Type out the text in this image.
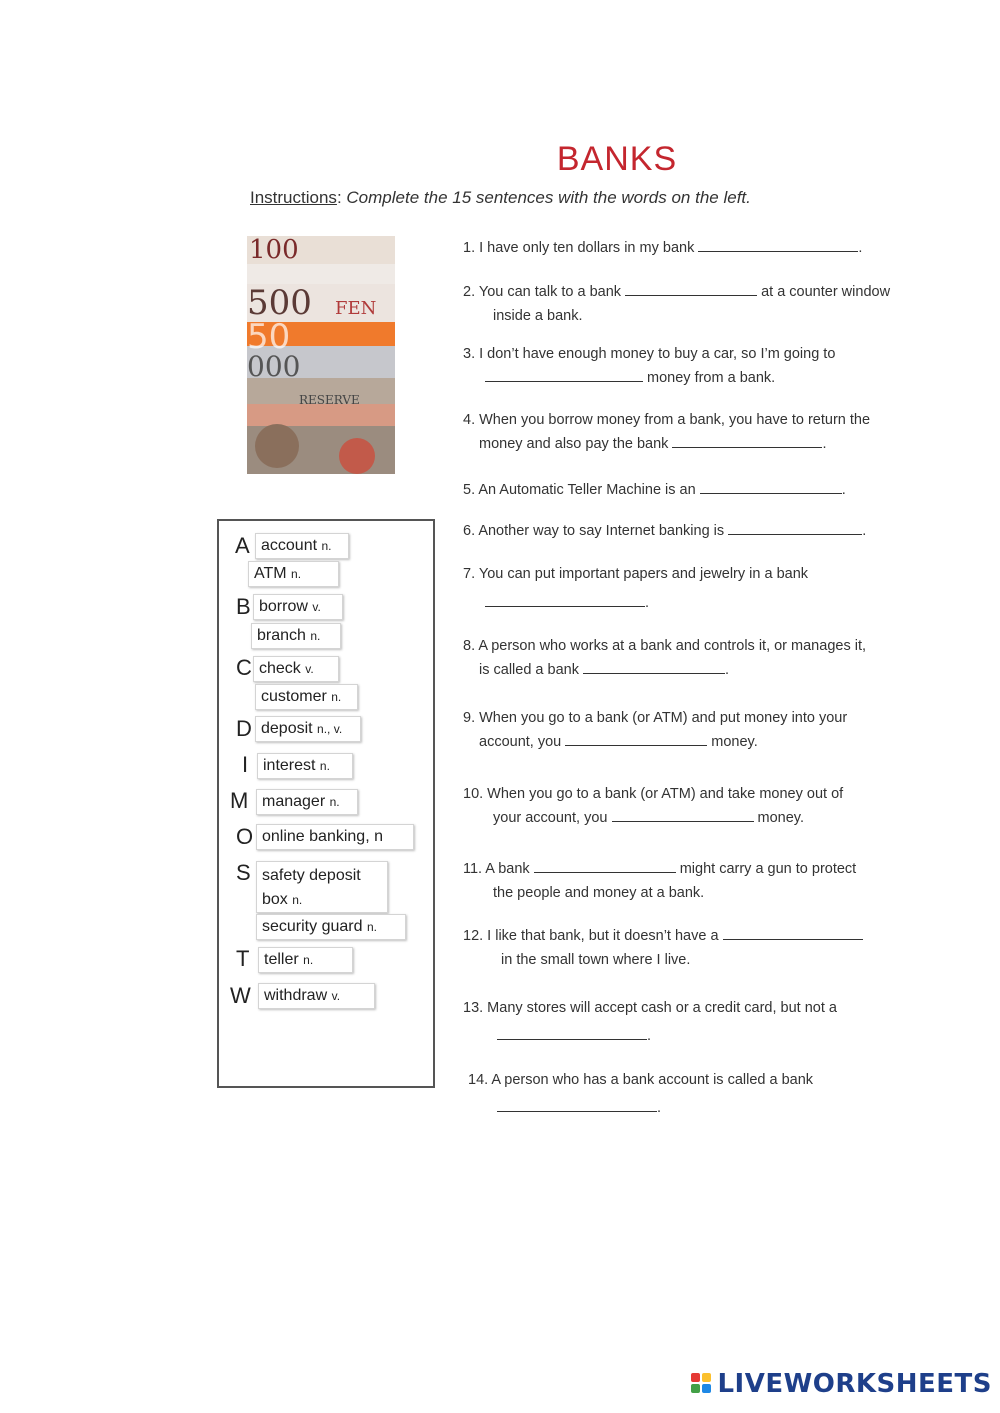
BANKS
Instructions: Complete the 15 sentences with the words on the left.
100
500 FEN
50
000
RESERVE
A
B
C
D
I
M
O
S
T
W
account n.
ATM n.
borrow v.
branch n.
check v.
customer n.
deposit n., v.
interest n.
manager n.
online banking, n
safety deposit
box n.
security guard n.
teller n.
withdraw v.
1. I have only ten dollars in my bank	.
2. You can talk to a bank	at a counter window
inside a bank.
3. I don’t have enough money to buy a car, so I’m going to
money from a bank.
4. When you borrow money from a bank, you have to return the
money and also pay the bank	.
5. An Automatic Teller Machine is an	.
6. Another way to say Internet banking is	.
7. You can put important papers and jewelry in a bank
.
8. A person who works at a bank and controls it, or manages it,
is called a bank	.
9. When you go to a bank (or ATM) and put money into your
account, you	money.
10. When you go to a bank (or ATM) and take money out of
your account, you	money.
11. A bank	might carry a gun to protect
the people and money at a bank.
12. I like that bank, but it doesn’t have a
in the small town where I live.
13. Many stores will accept cash or a credit card, but not a
.
14. A person who has a bank account is called a bank
.
LIVEWORKSHEETS
